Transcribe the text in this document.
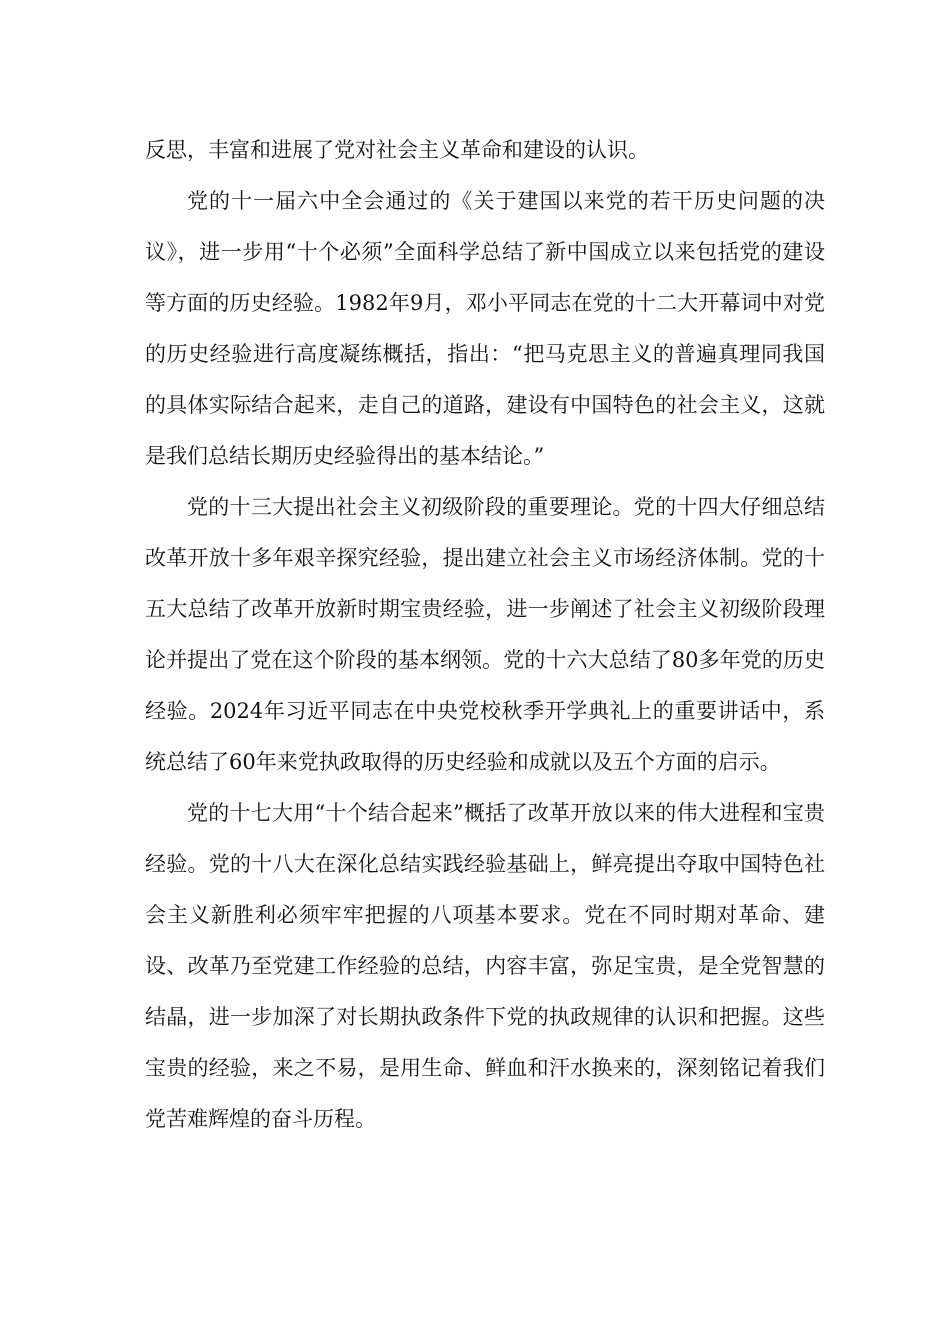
反思，丰富和进展了党对社会主义革命和建设的认识。

党的十一届六中全会通过的《关于建国以来党的若干历史问题的决议》，进一步用“十个必须”全面科学总结了新中国成立以来包括党的建设等方面的历史经验。1982年9月，邓小平同志在党的十二大开幕词中对党的历史经验进行高度凝练概括，指出：“把马克思主义的普遍真理同我国的具体实际结合起来，走自己的道路，建设有中国特色的社会主义，这就是我们总结长期历史经验得出的基本结论。”

党的十三大提出社会主义初级阶段的重要理论。党的十四大仔细总结改革开放十多年艰辛探究经验，提出建立社会主义市场经济体制。党的十五大总结了改革开放新时期宝贵经验，进一步阐述了社会主义初级阶段理论并提出了党在这个阶段的基本纲领。党的十六大总结了80多年党的历史经验。2024年习近平同志在中央党校秋季开学典礼上的重要讲话中，系统总结了60年来党执政取得的历史经验和成就以及五个方面的启示。

党的十七大用“十个结合起来”概括了改革开放以来的伟大进程和宝贵经验。党的十八大在深化总结实践经验基础上，鲜亮提出夺取中国特色社会主义新胜利必须牢牢把握的八项基本要求。党在不同时期对革命、建设、改革乃至党建工作经验的总结，内容丰富，弥足宝贵，是全党智慧的结晶，进一步加深了对长期执政条件下党的执政规律的认识和把握。这些宝贵的经验，来之不易，是用生命、鲜血和汗水换来的，深刻铭记着我们党苦难辉煌的奋斗历程。
